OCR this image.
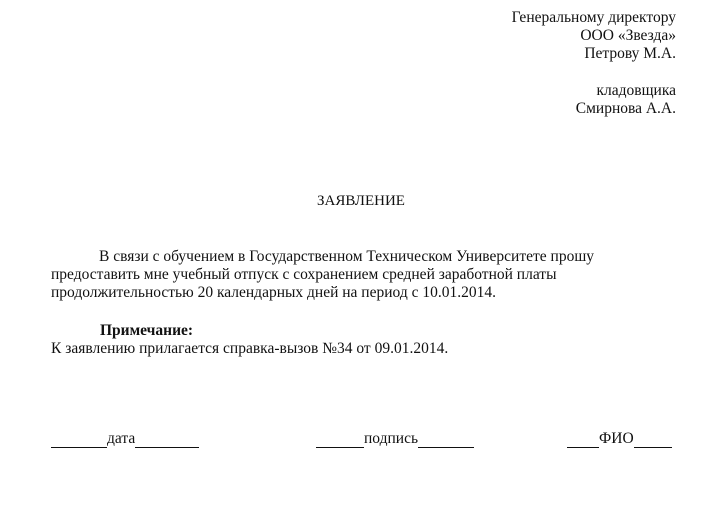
Генеральному директору
ООО «Звезда»
Петрову М.А.
кладовщика
Смирнова А.А.
ЗАЯВЛЕНИЕ
В связи с обучением в Государственном Техническом Университете прошу
предоставить мне учебный отпуск с сохранением средней заработной платы
продолжительностью 20 календарных дней на период с 10.01.2014.
Примечание:
К заявлению прилагается справка-вызов №34 от 09.01.2014.
дата	подпись	ФИО
